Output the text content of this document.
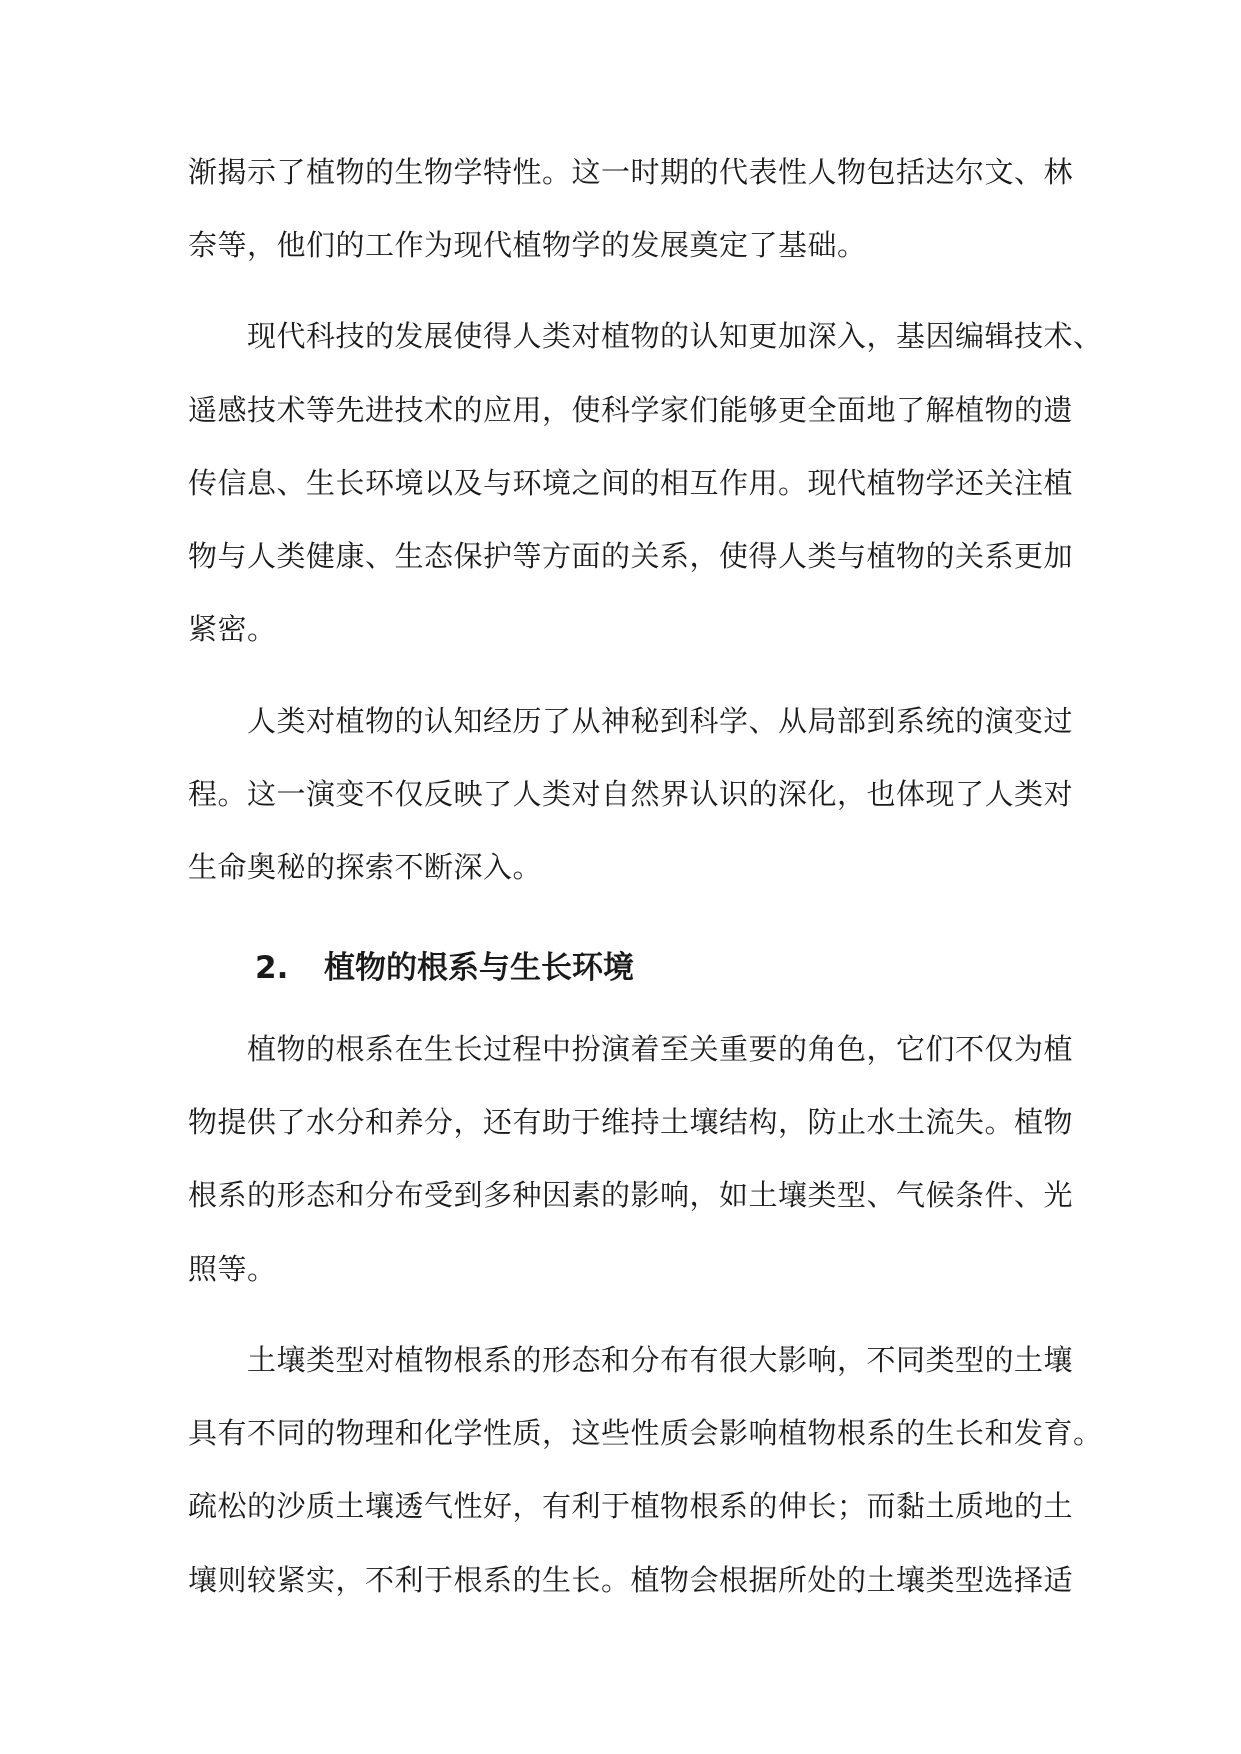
渐揭示了植物的生物学特性。这一时期的代表性人物包括达尔文、林
奈等，他们的工作为现代植物学的发展奠定了基础。
现代科技的发展使得人类对植物的认知更加深入，基因编辑技术、
遥感技术等先进技术的应用，使科学家们能够更全面地了解植物的遗
传信息、生长环境以及与环境之间的相互作用。现代植物学还关注植
物与人类健康、生态保护等方面的关系，使得人类与植物的关系更加
紧密。
人类对植物的认知经历了从神秘到科学、从局部到系统的演变过
程。这一演变不仅反映了人类对自然界认识的深化，也体现了人类对
生命奥秘的探索不断深入。
2. 植物的根系与生长环境
植物的根系在生长过程中扮演着至关重要的角色，它们不仅为植
物提供了水分和养分，还有助于维持土壤结构，防止水土流失。植物
根系的形态和分布受到多种因素的影响，如土壤类型、气候条件、光
照等。
土壤类型对植物根系的形态和分布有很大影响，不同类型的土壤
具有不同的物理和化学性质，这些性质会影响植物根系的生长和发育。
疏松的沙质土壤透气性好，有利于植物根系的伸长；而黏土质地的土
壤则较紧实，不利于根系的生长。植物会根据所处的土壤类型选择适
